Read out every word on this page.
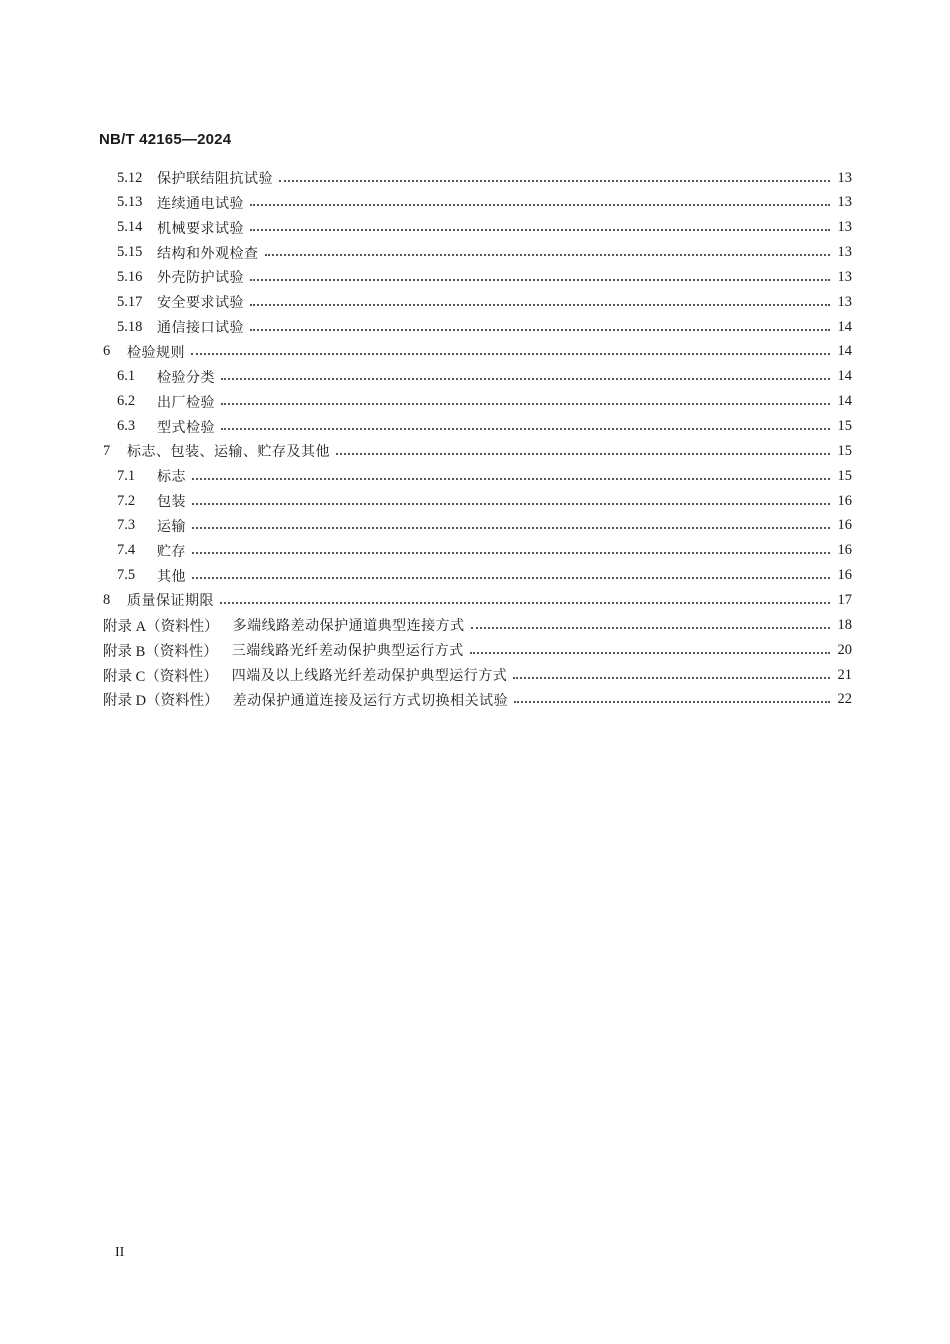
NB/T 42165—2024
5.12	保护联结阻抗试验	13
5.13	连续通电试验	13
5.14	机械要求试验	13
5.15	结构和外观检查	13
5.16	外壳防护试验	13
5.17	安全要求试验	13
5.18	通信接口试验	14
6	检验规则	14
6.1	检验分类	14
6.2	出厂检验	14
6.3	型式检验	15
7	标志、包装、运输、贮存及其他	15
7.1	标志	15
7.2	包装	16
7.3	运输	16
7.4	贮存	16
7.5	其他	16
8	质量保证期限	17
附录 A（资料性） 多端线路差动保护通道典型连接方式	18
附录 B（资料性） 三端线路光纤差动保护典型运行方式	20
附录 C（资料性） 四端及以上线路光纤差动保护典型运行方式	21
附录 D（资料性） 差动保护通道连接及运行方式切换相关试验	22
II
